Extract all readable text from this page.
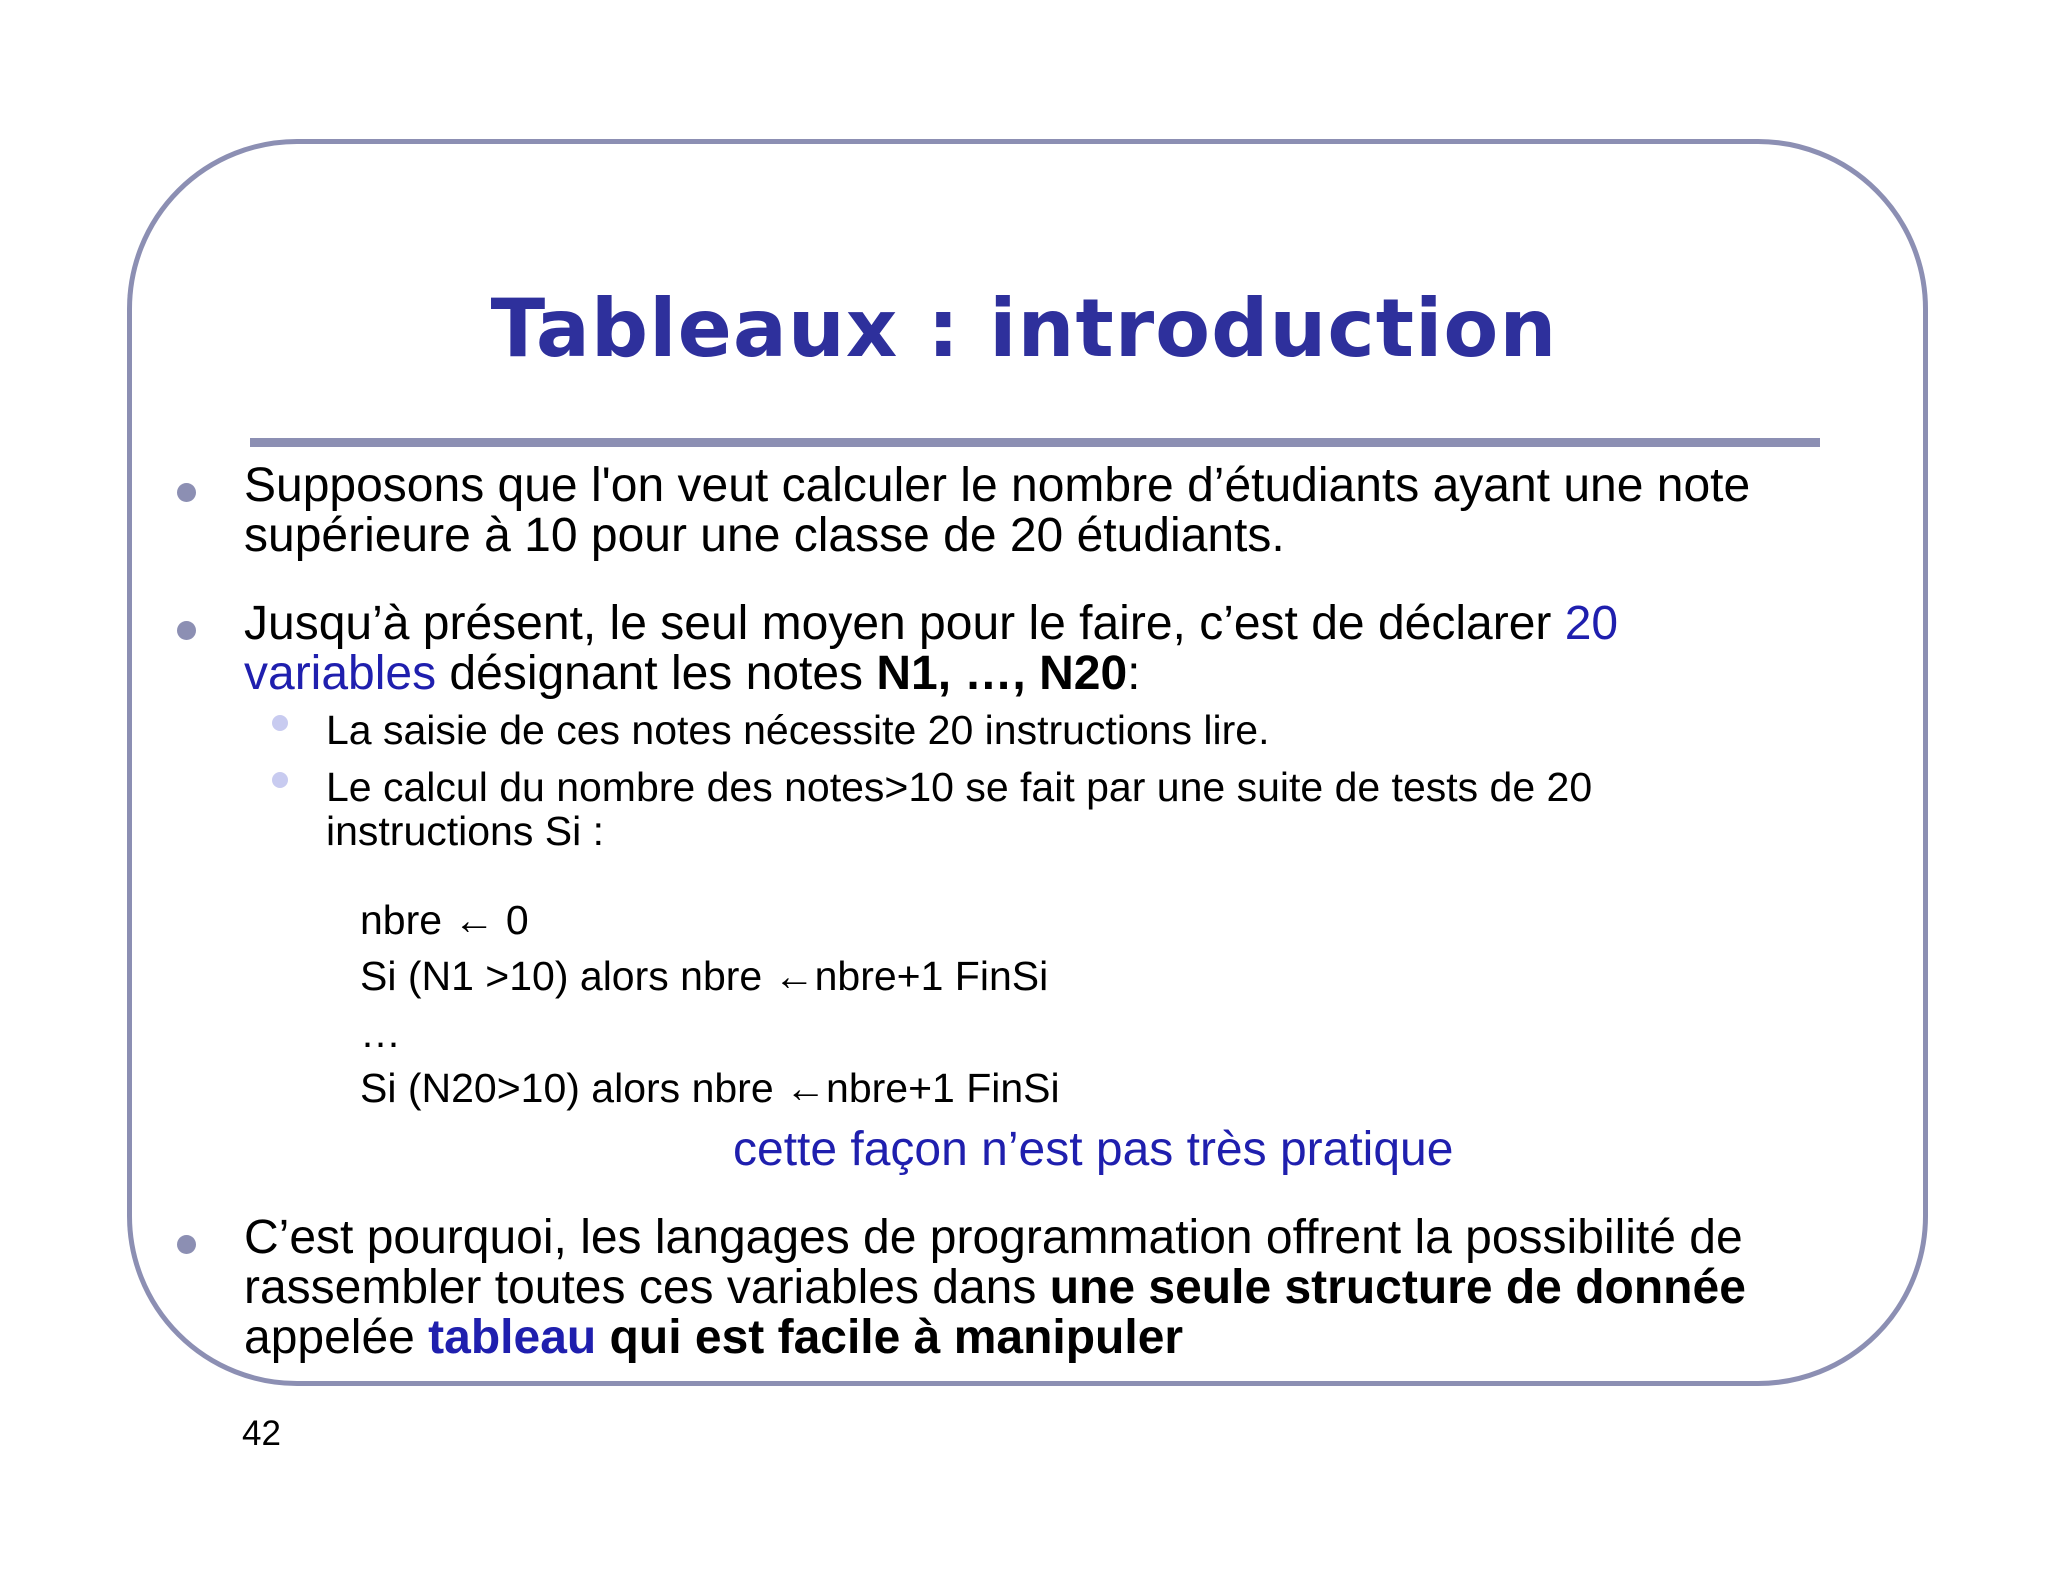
Tableaux : introduction

Supposons que l'on veut calculer le nombre d’étudiants ayant une note
supérieure à 10 pour une classe de 20 étudiants.

Jusqu’à présent, le seul moyen pour le faire, c’est de déclarer 20
variables désignant les notes N1, …, N20:

La saisie de ces notes nécessite 20 instructions lire.

Le calcul du nombre des notes>10 se fait par une suite de tests de 20
instructions Si :

nbre ← 0

Si (N1 >10) alors nbre ←nbre+1 FinSi

…

Si (N20>10) alors nbre ←nbre+1 FinSi

cette façon n’est pas très pratique

C’est pourquoi, les langages de programmation offrent la possibilité de
rassembler toutes ces variables dans une seule structure de donnée
appelée tableau qui est facile à manipuler

42
